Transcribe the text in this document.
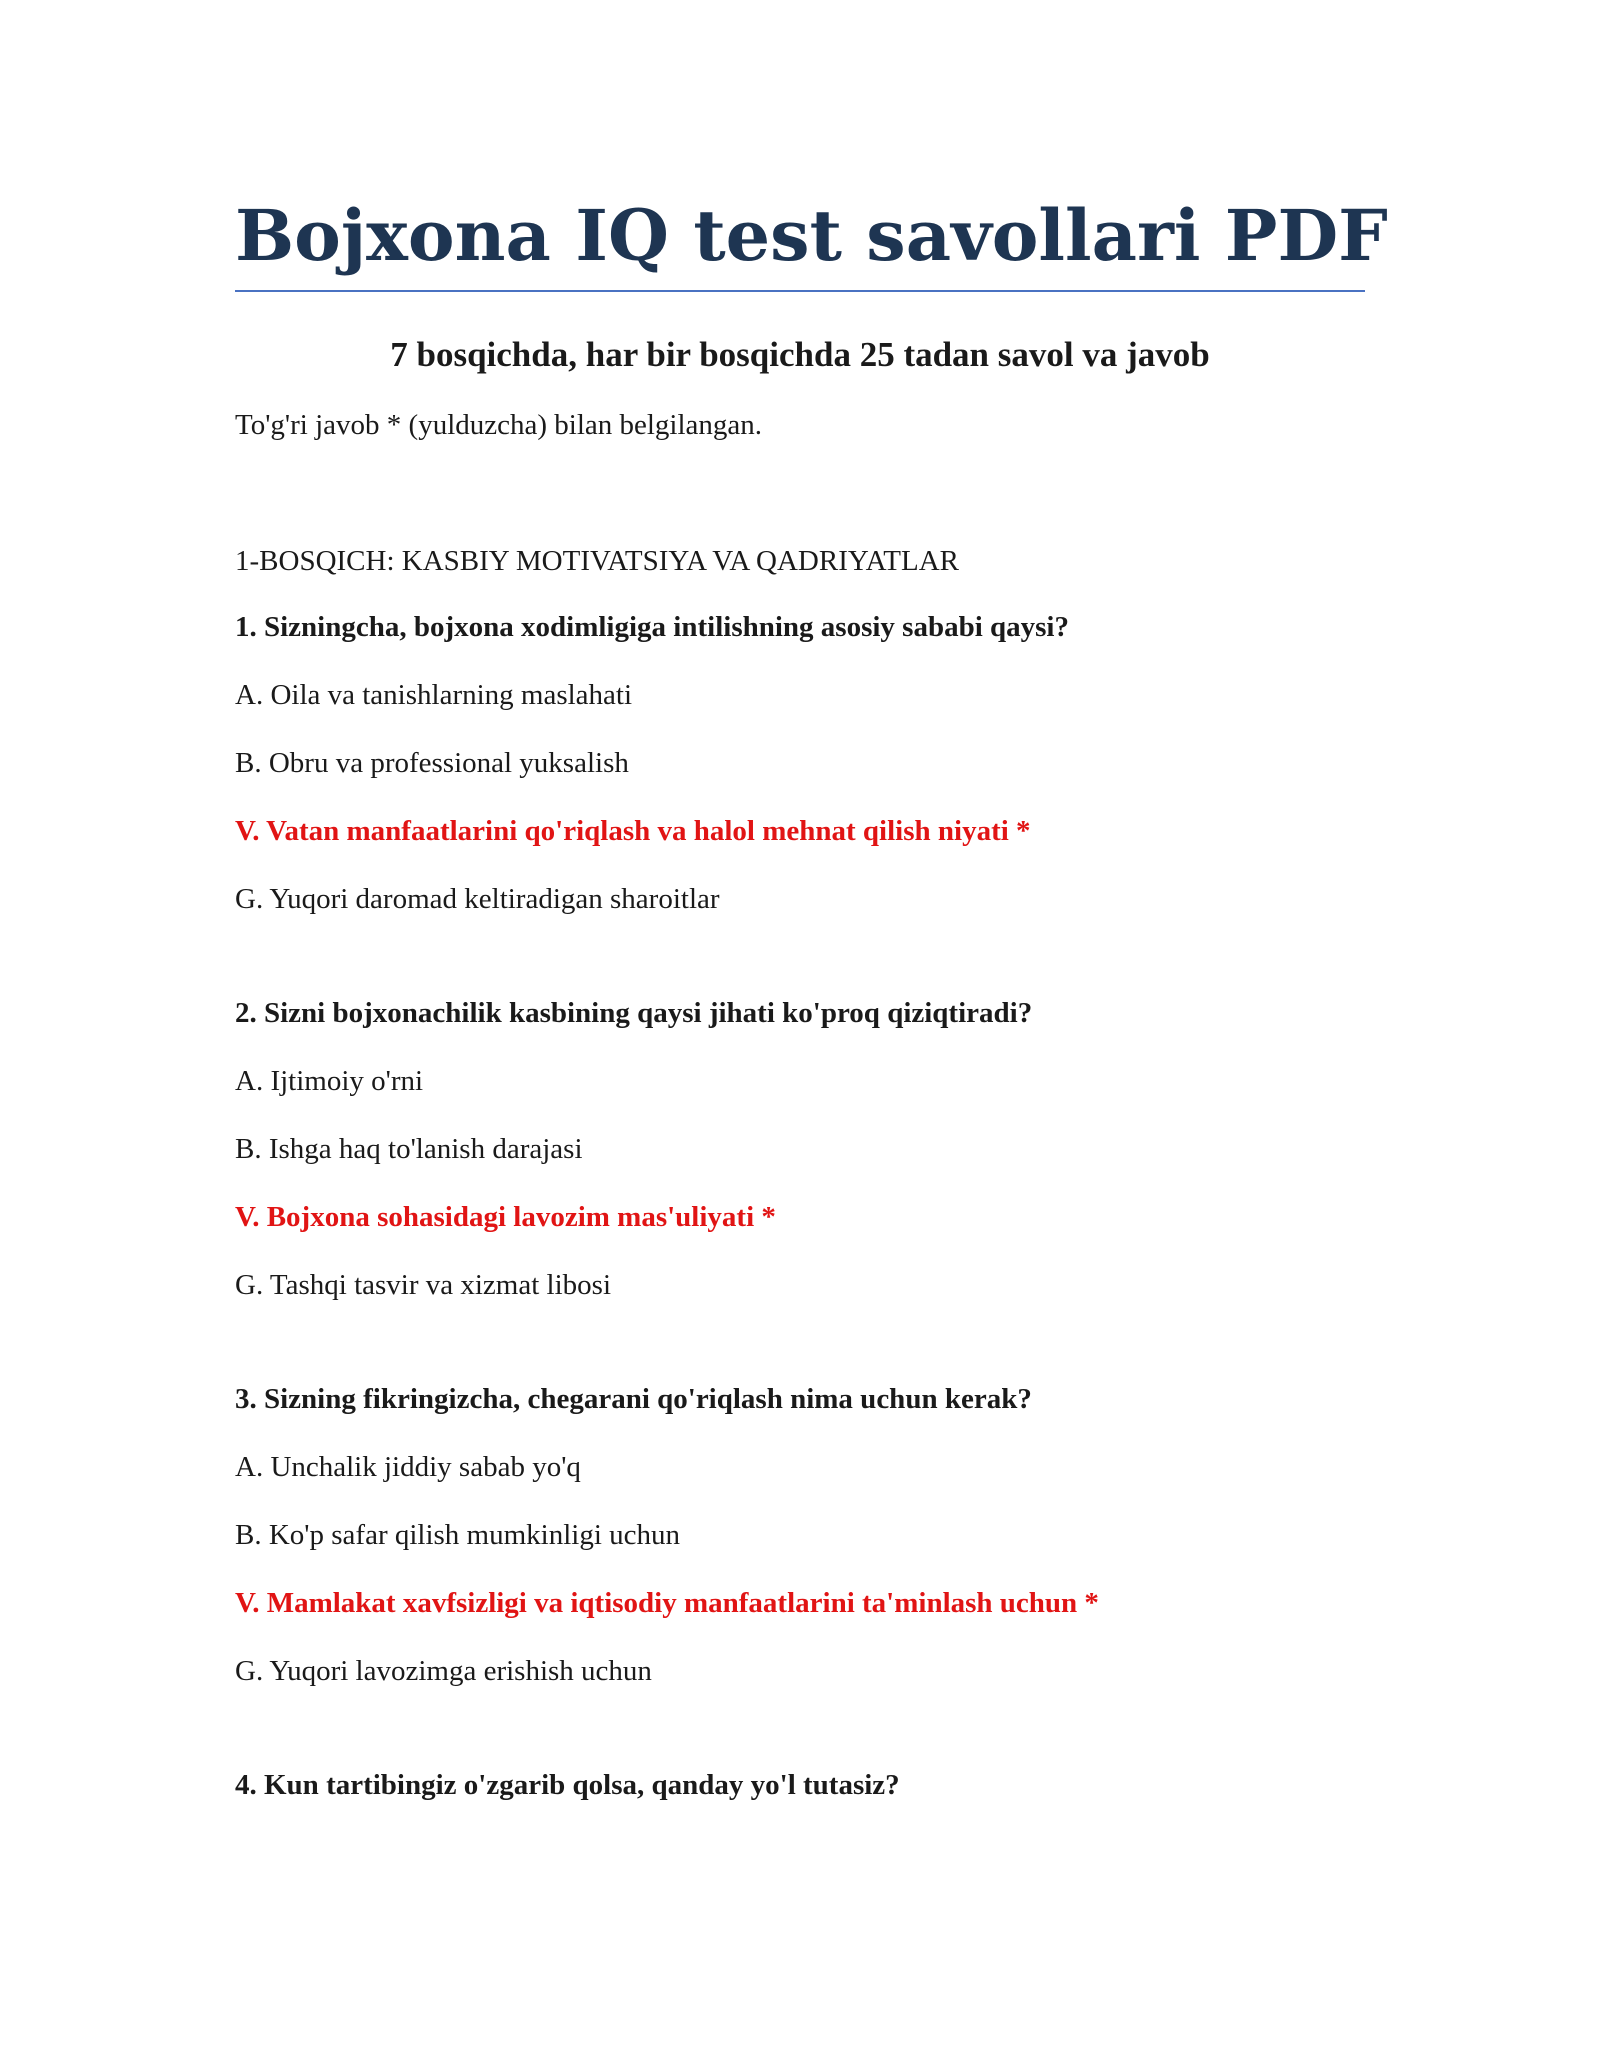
Bojxona IQ test savollari PDF
7 bosqichda, har bir bosqichda 25 tadan savol va javob
To'g'ri javob * (yulduzcha) bilan belgilangan.
1-BOSQICH: KASBIY MOTIVATSIYA VA QADRIYATLAR
1. Sizningcha, bojxona xodimligiga intilishning asosiy sababi qaysi?
A. Oila va tanishlarning maslahati
B. Obru va professional yuksalish
V. Vatan manfaatlarini qo'riqlash va halol mehnat qilish niyati *
G. Yuqori daromad keltiradigan sharoitlar
2. Sizni bojxonachilik kasbining qaysi jihati ko'proq qiziqtiradi?
A. Ijtimoiy o'rni
B. Ishga haq to'lanish darajasi
V. Bojxona sohasidagi lavozim mas'uliyati *
G. Tashqi tasvir va xizmat libosi
3. Sizning fikringizcha, chegarani qo'riqlash nima uchun kerak?
A. Unchalik jiddiy sabab yo'q
B. Ko'p safar qilish mumkinligi uchun
V. Mamlakat xavfsizligi va iqtisodiy manfaatlarini ta'minlash uchun *
G. Yuqori lavozimga erishish uchun
4. Kun tartibingiz o'zgarib qolsa, qanday yo'l tutasiz?
